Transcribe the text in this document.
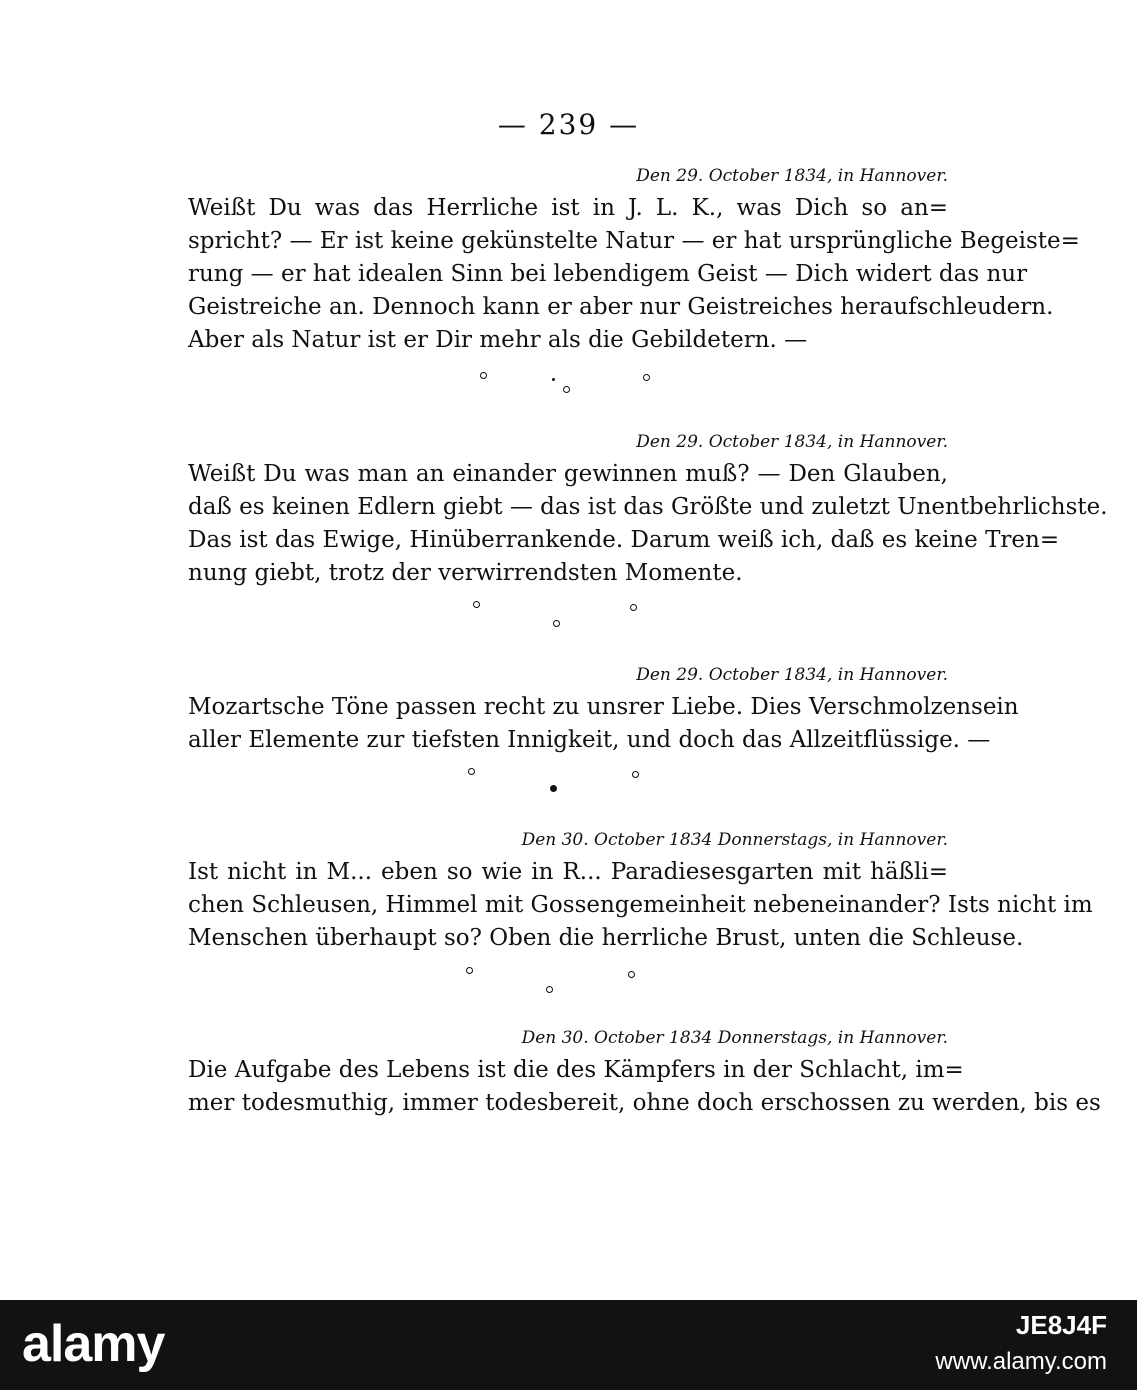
— 239 —
Den 29. October 1834, in Hannover.
Weißt Du was das Herrliche ist in J. L. K., was Dich so an=
spricht? — Er ist keine gekünstelte Natur — er hat ursprüngliche Begeiste=
rung — er hat idealen Sinn bei lebendigem Geist — Dich widert das nur
Geistreiche an. Dennoch kann er aber nur Geistreiches heraufschleudern.
Aber als Natur ist er Dir mehr als die Gebildetern. —
Den 29. October 1834, in Hannover.
Weißt Du was man an einander gewinnen muß? — Den Glauben,
daß es keinen Edlern giebt — das ist das Größte und zuletzt Unentbehrlichste.
Das ist das Ewige, Hinüberrankende. Darum weiß ich, daß es keine Tren=
nung giebt, trotz der verwirrendsten Momente.
Den 29. October 1834, in Hannover.
Mozartsche Töne passen recht zu unsrer Liebe. Dies Verschmolzensein
aller Elemente zur tiefsten Innigkeit, und doch das Allzeitflüssige. —
Den 30. October 1834 Donnerstags, in Hannover.
Ist nicht in M... eben so wie in R... Paradiesesgarten mit häßli=
chen Schleusen, Himmel mit Gossengemeinheit nebeneinander? Ists nicht im
Menschen überhaupt so? Oben die herrliche Brust, unten die Schleuse.
Den 30. October 1834 Donnerstags, in Hannover.
Die Aufgabe des Lebens ist die des Kämpfers in der Schlacht, im=
mer todesmuthig, immer todesbereit, ohne doch erschossen zu werden, bis es
alamy	JE8J4F
www.alamy.com
